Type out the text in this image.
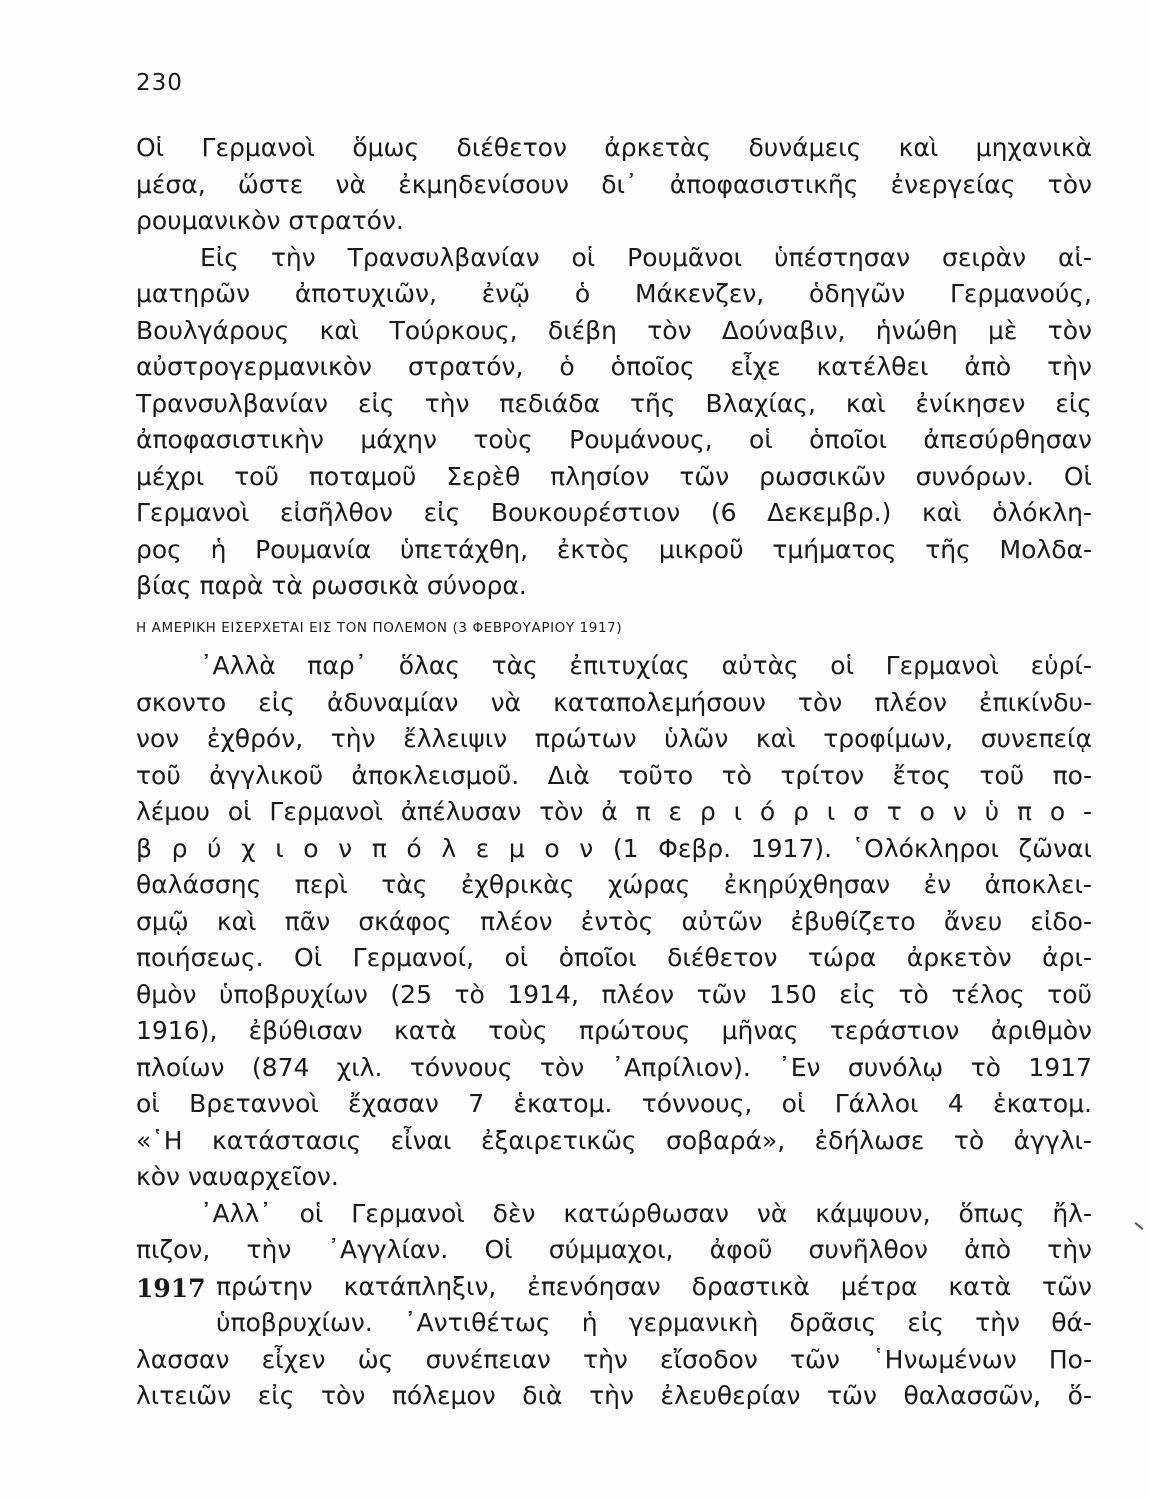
230
Οἱ Γερμανοὶ ὅμως διέθετον ἀρκετὰς δυνάμεις καὶ μηχανικὰ
μέσα, ὥστε νὰ ἐκμηδενίσουν δι᾽ ἀποφασιστικῆς ἐνεργείας τὸν
ρουμανικὸν στρατόν.
Εἰς τὴν Τρανσυλβανίαν οἱ Ρουμᾶνοι ὑπέστησαν σειρὰν αἱ-
ματηρῶν ἀποτυχιῶν, ἐνῷ ὁ Μάκενζεν, ὁδηγῶν Γερμανούς,
Βουλγάρους καὶ Τούρκους, διέβη τὸν Δούναβιν, ἡνώθη μὲ τὸν
αὐστρογερμανικὸν στρατόν, ὁ ὁποῖος εἶχε κατέλθει ἀπὸ τὴν
Τρανσυλβανίαν εἰς τὴν πεδιάδα τῆς Βλαχίας, καὶ ἐνίκησεν εἰς
ἀποφασιστικὴν μάχην τοὺς Ρουμάνους, οἱ ὁποῖοι ἀπεσύρθησαν
μέχρι τοῦ ποταμοῦ Σερὲθ πλησίον τῶν ρωσσικῶν συνόρων. Οἱ
Γερμανοὶ εἰσῆλθον εἰς Βουκουρέστιον (6 Δεκεμβρ.) καὶ ὁλόκλη-
ρος ἡ Ρουμανία ὑπετάχθη, ἐκτὸς μικροῦ τμήματος τῆς Μολδα-
βίας παρὰ τὰ ρωσσικὰ σύνορα.
Η ΑΜΕΡΙΚΗ ΕΙΣΕΡΧΕΤΑΙ ΕΙΣ ΤΟΝ ΠΟΛΕΜΟΝ (3 ΦΕΒΡΟΥΑΡΙΟΥ 1917)
᾿Αλλὰ παρ᾽ ὅλας τὰς ἐπιτυχίας αὐτὰς οἱ Γερμανοὶ εὑρί-
σκοντο εἰς ἀδυναμίαν νὰ καταπολεμήσουν τὸν πλέον ἐπικίνδυ-
νον ἐχθρόν, τὴν ἔλλειψιν πρώτων ὑλῶν καὶ τροφίμων, συνεπείᾳ
τοῦ ἀγγλικοῦ ἀποκλεισμοῦ. Διὰ τοῦτο τὸ τρίτον ἔτος τοῦ πο-
λέμου οἱ Γερμανοὶ ἀπέλυσαν τὸν ἀ π ε ρ ι ό ρ ι σ τ ο ν ὑ π ο -
β ρ ύ χ ι ο ν π ό λ ε μ ο ν (1 Φεβρ. 1917). ῾Ολόκληροι ζῶναι
θαλάσσης περὶ τὰς ἐχθρικὰς χώρας ἐκηρύχθησαν ἐν ἀποκλει-
σμῷ καὶ πᾶν σκάφος πλέον ἐντὸς αὐτῶν ἐβυθίζετο ἄνευ εἰδο-
ποιήσεως. Οἱ Γερμανοί, οἱ ὁποῖοι διέθετον τώρα ἀρκετὸν ἀρι-
θμὸν ὑποβρυχίων (25 τὸ 1914, πλέον τῶν 150 εἰς τὸ τέλος τοῦ
1916), ἐβύθισαν κατὰ τοὺς πρώτους μῆνας τεράστιον ἀριθμὸν
πλοίων (874 χιλ. τόννους τὸν ᾿Απρίλιον). ᾿Εν συνόλῳ τὸ 1917
οἱ Βρεταννοὶ ἔχασαν 7 ἑκατομ. τόννους, οἱ Γάλλοι 4 ἑκατομ.
«῾Η κατάστασις εἶναι ἐξαιρετικῶς σοβαρά», ἐδήλωσε τὸ ἀγγλι-
κὸν ναυαρχεῖον.
᾿Αλλ᾽ οἱ Γερμανοὶ δὲν κατώρθωσαν νὰ κάμψουν, ὅπως ἤλ-
πιζον, τὴν ᾿Αγγλίαν. Οἱ σύμμαχοι, ἀφοῦ συνῆλθον ἀπὸ τὴν
πρώτην κατάπληξιν, ἐπενόησαν δραστικὰ μέτρα κατὰ τῶν
ὑποβρυχίων. ᾿Αντιθέτως ἡ γερμανικὴ δρᾶσις εἰς τὴν θά-
λασσαν εἶχεν ὡς συνέπειαν τὴν εἴσοδον τῶν ῾Ηνωμένων Πο-
λιτειῶν εἰς τὸν πόλεμον διὰ τὴν ἐλευθερίαν τῶν θαλασσῶν, ὅ-
1917
